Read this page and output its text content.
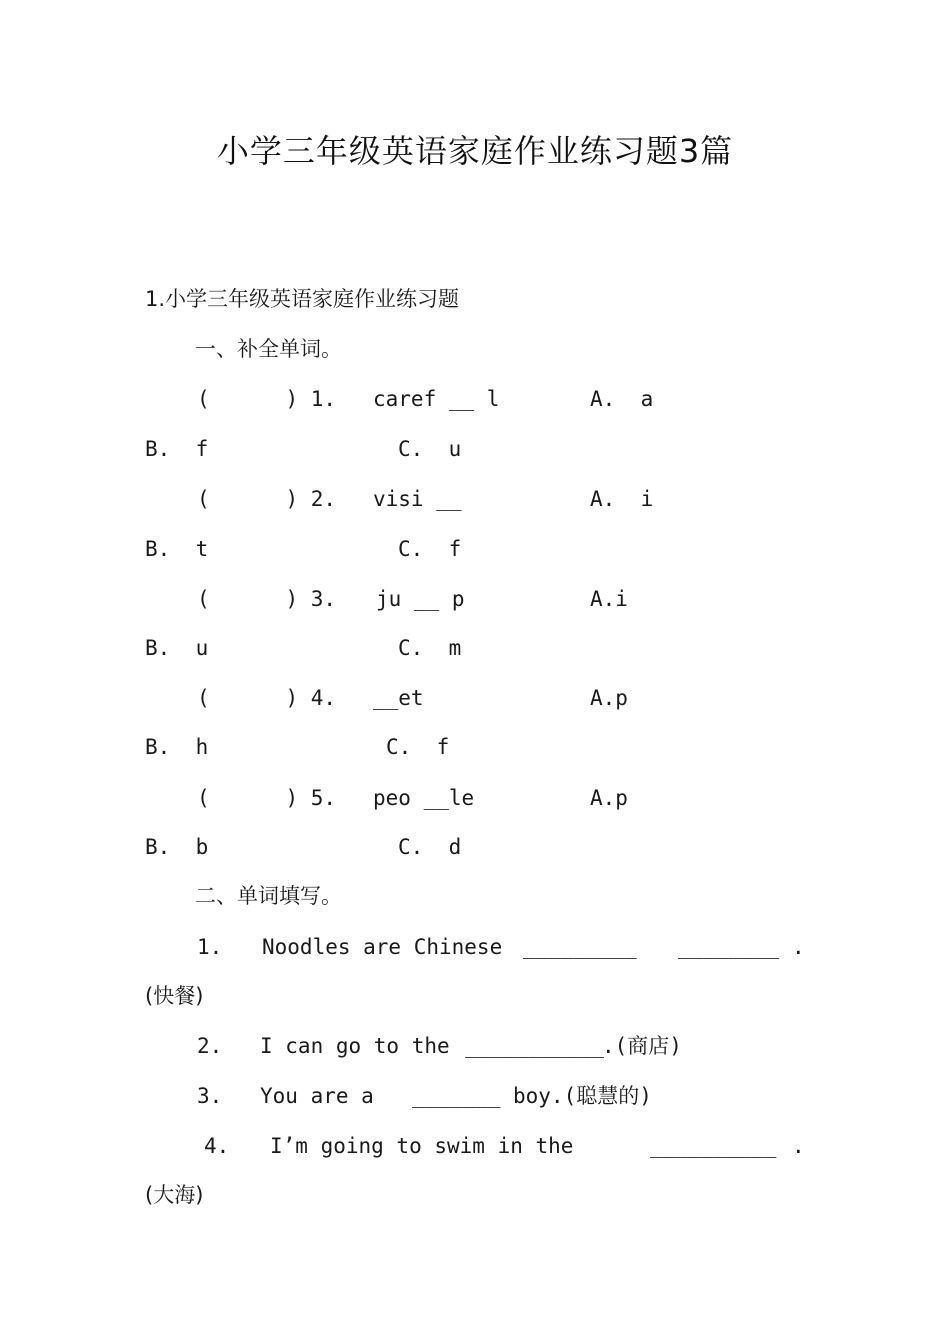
小学三年级英语家庭作业练习题3篇
1.小学三年级英语家庭作业练习题
一、补全单词。
(      ) 1. caref __ l	A.  a
B.  f	C.  u
(      ) 2. visi __	A.  i
B.  t	C.  f
(      ) 3. ju __ p	A.i
B.  u	C.  m
(      ) 4. __et	A.p
B.  h	C.  f
(      ) 5. peo __le	A.p
B.  b	C.  d
二、单词填写。
1. Noodles are Chinese _________ ________ .
(快餐)
2. I can go to the ___________
.(商店)
3. You are a _______ boy.(聪慧的)
4. I’m going to swim in the	__________ .
(大海)
